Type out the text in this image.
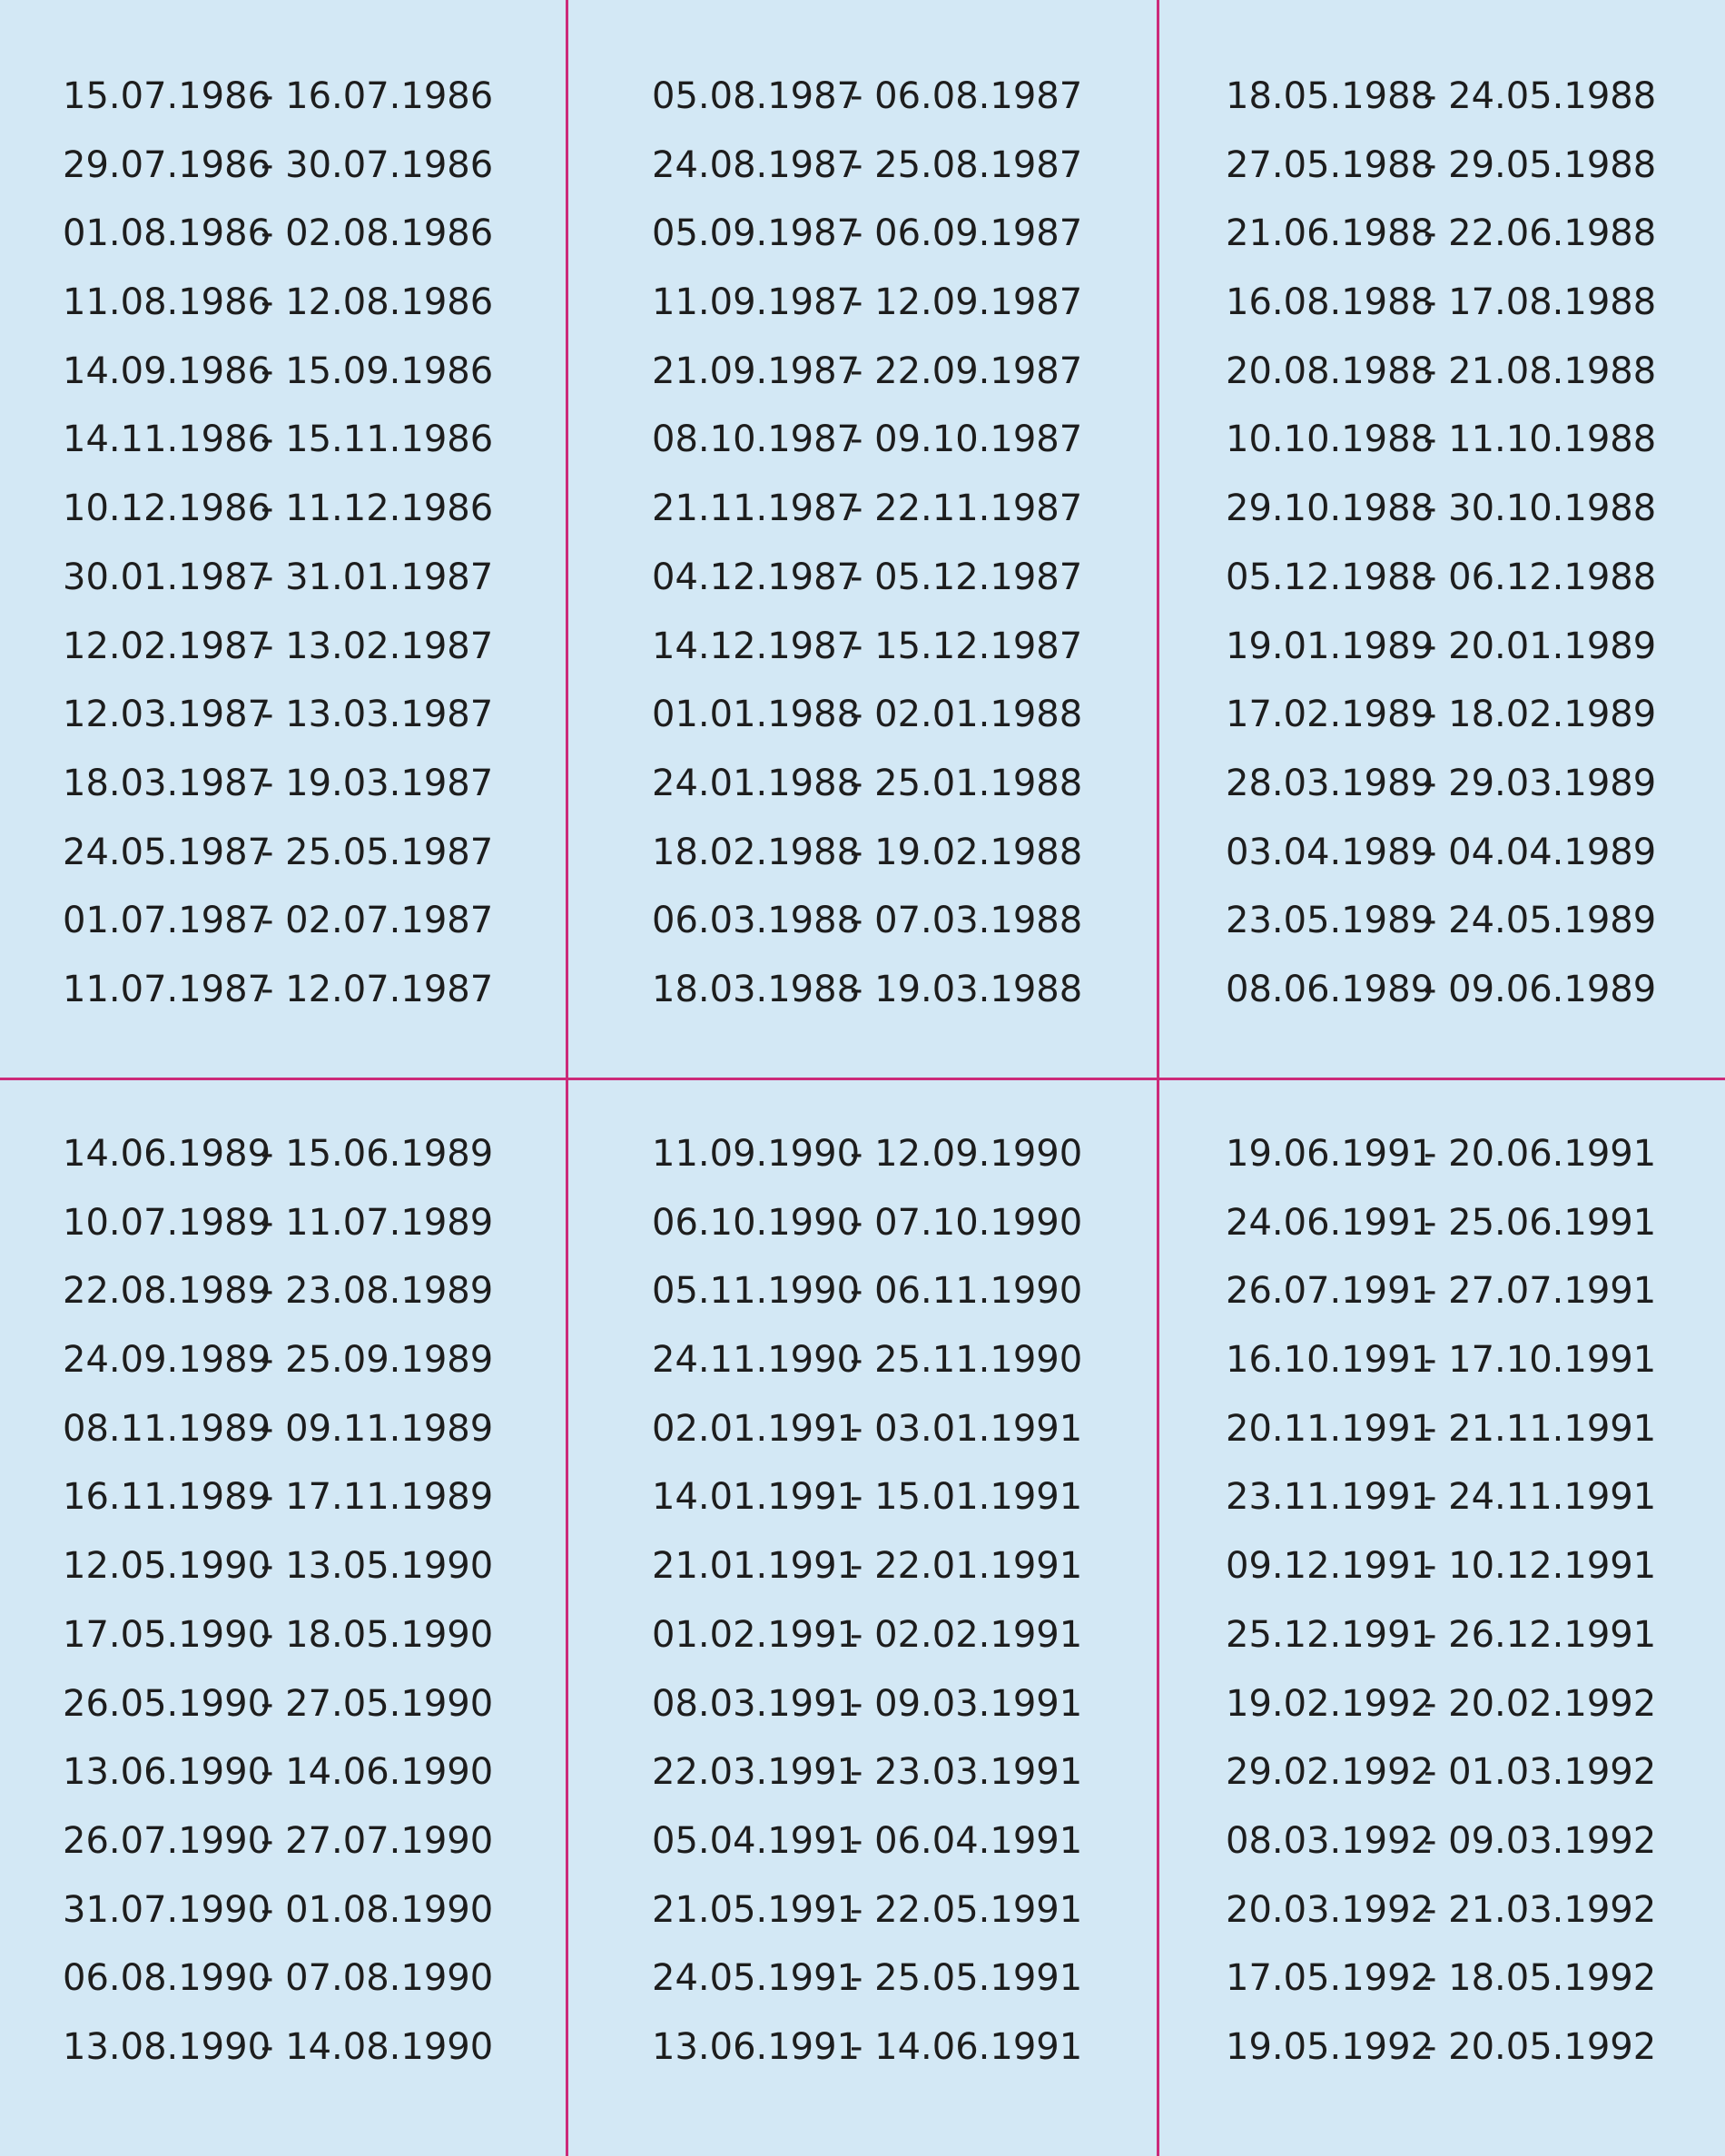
15.07.1986
- 16.07.1986
29.07.1986
- 30.07.1986
01.08.1986
- 02.08.1986
11.08.1986
- 12.08.1986
14.09.1986
- 15.09.1986
14.11.1986
- 15.11.1986
10.12.1986
- 11.12.1986
30.01.1987
- 31.01.1987
12.02.1987
- 13.02.1987
12.03.1987
- 13.03.1987
18.03.1987
- 19.03.1987
24.05.1987
- 25.05.1987
01.07.1987
- 02.07.1987
11.07.1987
- 12.07.1987
05.08.1987
- 06.08.1987
24.08.1987
- 25.08.1987
05.09.1987
- 06.09.1987
11.09.1987
- 12.09.1987
21.09.1987
- 22.09.1987
08.10.1987
- 09.10.1987
21.11.1987
- 22.11.1987
04.12.1987
- 05.12.1987
14.12.1987
- 15.12.1987
01.01.1988
- 02.01.1988
24.01.1988
- 25.01.1988
18.02.1988
- 19.02.1988
06.03.1988
- 07.03.1988
18.03.1988
- 19.03.1988
18.05.1988
- 24.05.1988
27.05.1988
- 29.05.1988
21.06.1988
- 22.06.1988
16.08.1988
- 17.08.1988
20.08.1988
- 21.08.1988
10.10.1988
- 11.10.1988
29.10.1988
- 30.10.1988
05.12.1988
- 06.12.1988
19.01.1989
- 20.01.1989
17.02.1989
- 18.02.1989
28.03.1989
- 29.03.1989
03.04.1989
- 04.04.1989
23.05.1989
- 24.05.1989
08.06.1989
- 09.06.1989
14.06.1989
- 15.06.1989
10.07.1989
- 11.07.1989
22.08.1989
- 23.08.1989
24.09.1989
- 25.09.1989
08.11.1989
- 09.11.1989
16.11.1989
- 17.11.1989
12.05.1990
- 13.05.1990
17.05.1990
- 18.05.1990
26.05.1990
- 27.05.1990
13.06.1990
- 14.06.1990
26.07.1990
- 27.07.1990
31.07.1990
- 01.08.1990
06.08.1990
- 07.08.1990
13.08.1990
- 14.08.1990
11.09.1990
- 12.09.1990
06.10.1990
- 07.10.1990
05.11.1990
- 06.11.1990
24.11.1990
- 25.11.1990
02.01.1991
- 03.01.1991
14.01.1991
- 15.01.1991
21.01.1991
- 22.01.1991
01.02.1991
- 02.02.1991
08.03.1991
- 09.03.1991
22.03.1991
- 23.03.1991
05.04.1991
- 06.04.1991
21.05.1991
- 22.05.1991
24.05.1991
- 25.05.1991
13.06.1991
- 14.06.1991
19.06.1991
- 20.06.1991
24.06.1991
- 25.06.1991
26.07.1991
- 27.07.1991
16.10.1991
- 17.10.1991
20.11.1991
- 21.11.1991
23.11.1991
- 24.11.1991
09.12.1991
- 10.12.1991
25.12.1991
- 26.12.1991
19.02.1992
- 20.02.1992
29.02.1992
- 01.03.1992
08.03.1992
- 09.03.1992
20.03.1992
- 21.03.1992
17.05.1992
- 18.05.1992
19.05.1992
- 20.05.1992
